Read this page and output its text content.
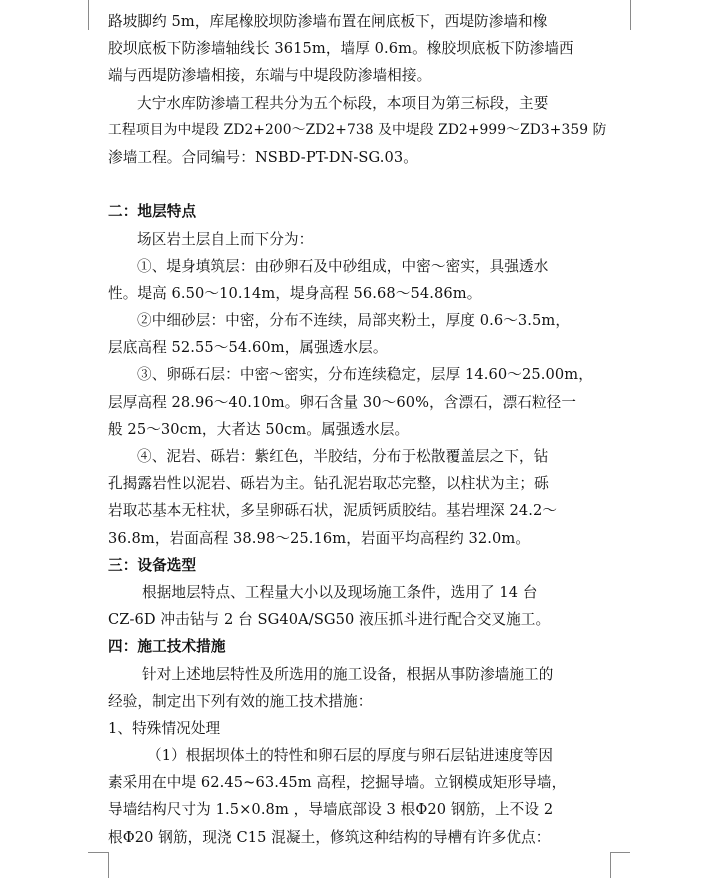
路坡脚约 5m，库尾橡胶坝防渗墙布置在闸底板下，西堤防渗墙和橡
胶坝底板下防渗墙轴线长 3615m，墙厚 0.6m。橡胶坝底板下防渗墙西
端与西堤防渗墙相接，东端与中堤段防渗墙相接。
大宁水库防渗墙工程共分为五个标段，本项目为第三标段，主要
工程项目为中堤段 ZD2+200～ZD2+738 及中堤段 ZD2+999～ZD3+359 防
渗墙工程。合同编号：NSBD-PT-DN-SG.03。
二：地层特点
场区岩土层自上而下分为：
①、堤身填筑层：由砂卵石及中砂组成，中密～密实，具强透水
性。堤高 6.50～10.14m，堤身高程 56.68～54.86m。
②中细砂层：中密，分布不连续，局部夹粉土，厚度 0.6～3.5m，
层底高程 52.55～54.60m，属强透水层。
③、卵砾石层：中密～密实，分布连续稳定，层厚 14.60～25.00m，
层厚高程 28.96～40.10m。卵石含量 30～60%，含漂石，漂石粒径一
般 25～30cm，大者达 50cm。属强透水层。
④、泥岩、砾岩：紫红色，半胶结，分布于松散覆盖层之下，钻
孔揭露岩性以泥岩、砾岩为主。钻孔泥岩取芯完整，以柱状为主；砾
岩取芯基本无柱状，多呈卵砾石状，泥质钙质胶结。基岩埋深 24.2～
36.8m，岩面高程 38.98～25.16m，岩面平均高程约 32.0m。
三：设备选型
根据地层特点、工程量大小以及现场施工条件，选用了 14 台
CZ-6D 冲击钻与 2 台 SG40A/SG50 液压抓斗进行配合交叉施工。
四：施工技术措施
针对上述地层特性及所选用的施工设备，根据从事防渗墙施工的
经验，制定出下列有效的施工技术措施：
1、特殊情况处理
（1）根据坝体土的特性和卵石层的厚度与卵石层钻进速度等因
素采用在中堤 62.45~63.45m 高程，挖掘导墙。立钢模成矩形导墙，
导墙结构尺寸为 1.5×0.8m ，导墙底部设 3 根Φ20 钢筋，上不设 2
根Φ20 钢筋，现浇 C15 混凝土，修筑这种结构的导槽有许多优点：
